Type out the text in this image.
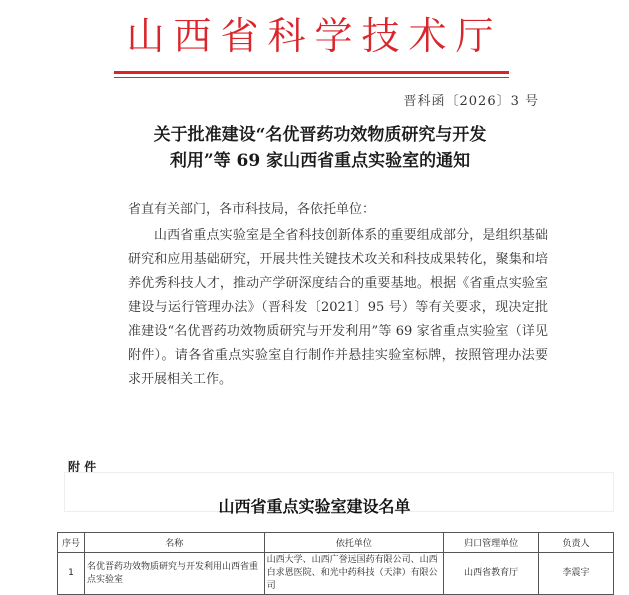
山西省科学技术厅
晋科函〔2026〕3 号
关于批准建设“名优晋药功效物质研究与开发
利用”等 69 家山西省重点实验室的通知
省直有关部门，各市科技局，各依托单位：
山西省重点实验室是全省科技创新体系的重要组成部分，是组织基础研究和应用基础研究，开展共性关键技术攻关和科技成果转化，聚集和培养优秀科技人才，推动产学研深度结合的重要基地。根据《省重点实验室建设与运行管理办法》（晋科发〔2021〕95 号）等有关要求，现决定批准建设“名优晋药功效物质研究与开发利用”等 69 家省重点实验室（详见附件）。请各省重点实验室自行制作并悬挂实验室标牌，按照管理办法要求开展相关工作。
附 件
山西省重点实验室建设名单
序号	名称	依托单位	归口管理单位	负责人
1	名优晋药功效物质研究与开发利用山西省重点实验室	山西大学、山西广誉远国药有限公司、山西白求恩医院、和光中药科技（天津）有限公司	山西省教育厅	李震宇
